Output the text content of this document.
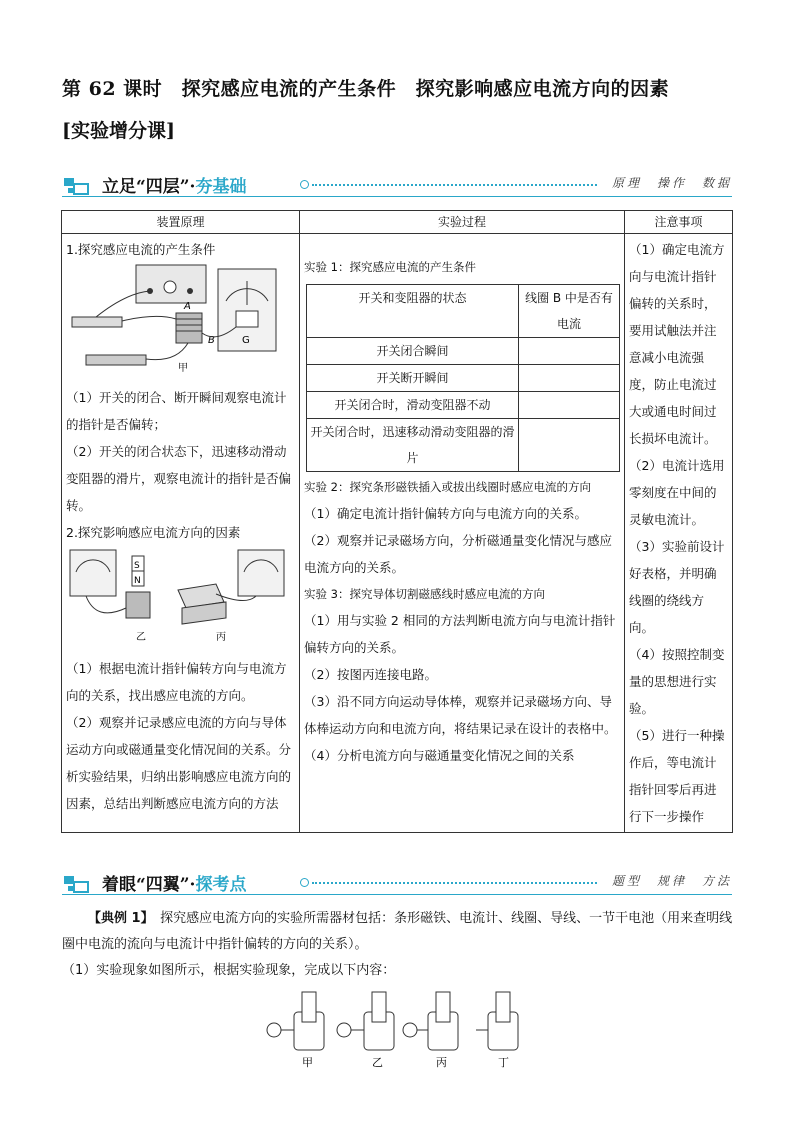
第 62 课时　探究感应电流的产生条件　探究影响感应电流方向的因素
[实验增分课]
立足“四层”·夯基础	原理　操作　数据
装置原理	实验过程	注意事项

1.探究感应电流的产生条件
G
A
B
甲
（1）开关的闭合、断开瞬间观察电流计的指针是否偏转；
（2）开关的闭合状态下，迅速移动滑动变阻器的滑片，观察电流计的指针是否偏转。
2.探究影响感应电流方向的因素
S
N
乙	丙
（1）根据电流计指针偏转方向与电流方向的关系，找出感应电流的方向。
（2）观察并记录感应电流的方向与导体运动方向或磁通量变化情况间的关系。分析实验结果，归纳出影响感应电流方向的因素，总结出判断感应电流方向的方法

实验 1：探究感应电流的产生条件
开关和变阻器的状态	线圈 B 中是否有电流
开关闭合瞬间	
开关断开瞬间	
开关闭合时，滑动变阻器不动	
开关闭合时，迅速移动滑动变阻器的滑片	
实验 2：探究条形磁铁插入或拔出线圈时感应电流的方向
（1）确定电流计指针偏转方向与电流方向的关系。
（2）观察并记录磁场方向，分析磁通量变化情况与感应电流方向的关系。
实验 3：探究导体切割磁感线时感应电流的方向
（1）用与实验 2 相同的方法判断电流方向与电流计指针偏转方向的关系。
（2）按图丙连接电路。
（3）沿不同方向运动导体棒，观察并记录磁场方向、导体棒运动方向和电流方向，将结果记录在设计的表格中。
（4）分析电流方向与磁通量变化情况之间的关系

（1）确定电流方向与电流计指针偏转的关系时，要用试触法并注意减小电流强度，防止电流过大或通电时间过长损坏电流计。
（2）电流计选用零刻度在中间的灵敏电流计。
（3）实验前设计好表格，并明确线圈的绕线方向。
（4）按照控制变量的思想进行实验。
（5）进行一种操作后，等电流计指针回零后再进行下一步操作
着眼“四翼”·探考点	题型　规律　方法
【典例 1】　探究感应电流方向的实验所需器材包括：条形磁铁、电流计、线圈、导线、一节干电池（用来查明线圈中电流的流向与电流计中指针偏转的方向的关系）。
（1）实验现象如图所示，根据实验现象，完成以下内容：
甲	乙	丙	丁
